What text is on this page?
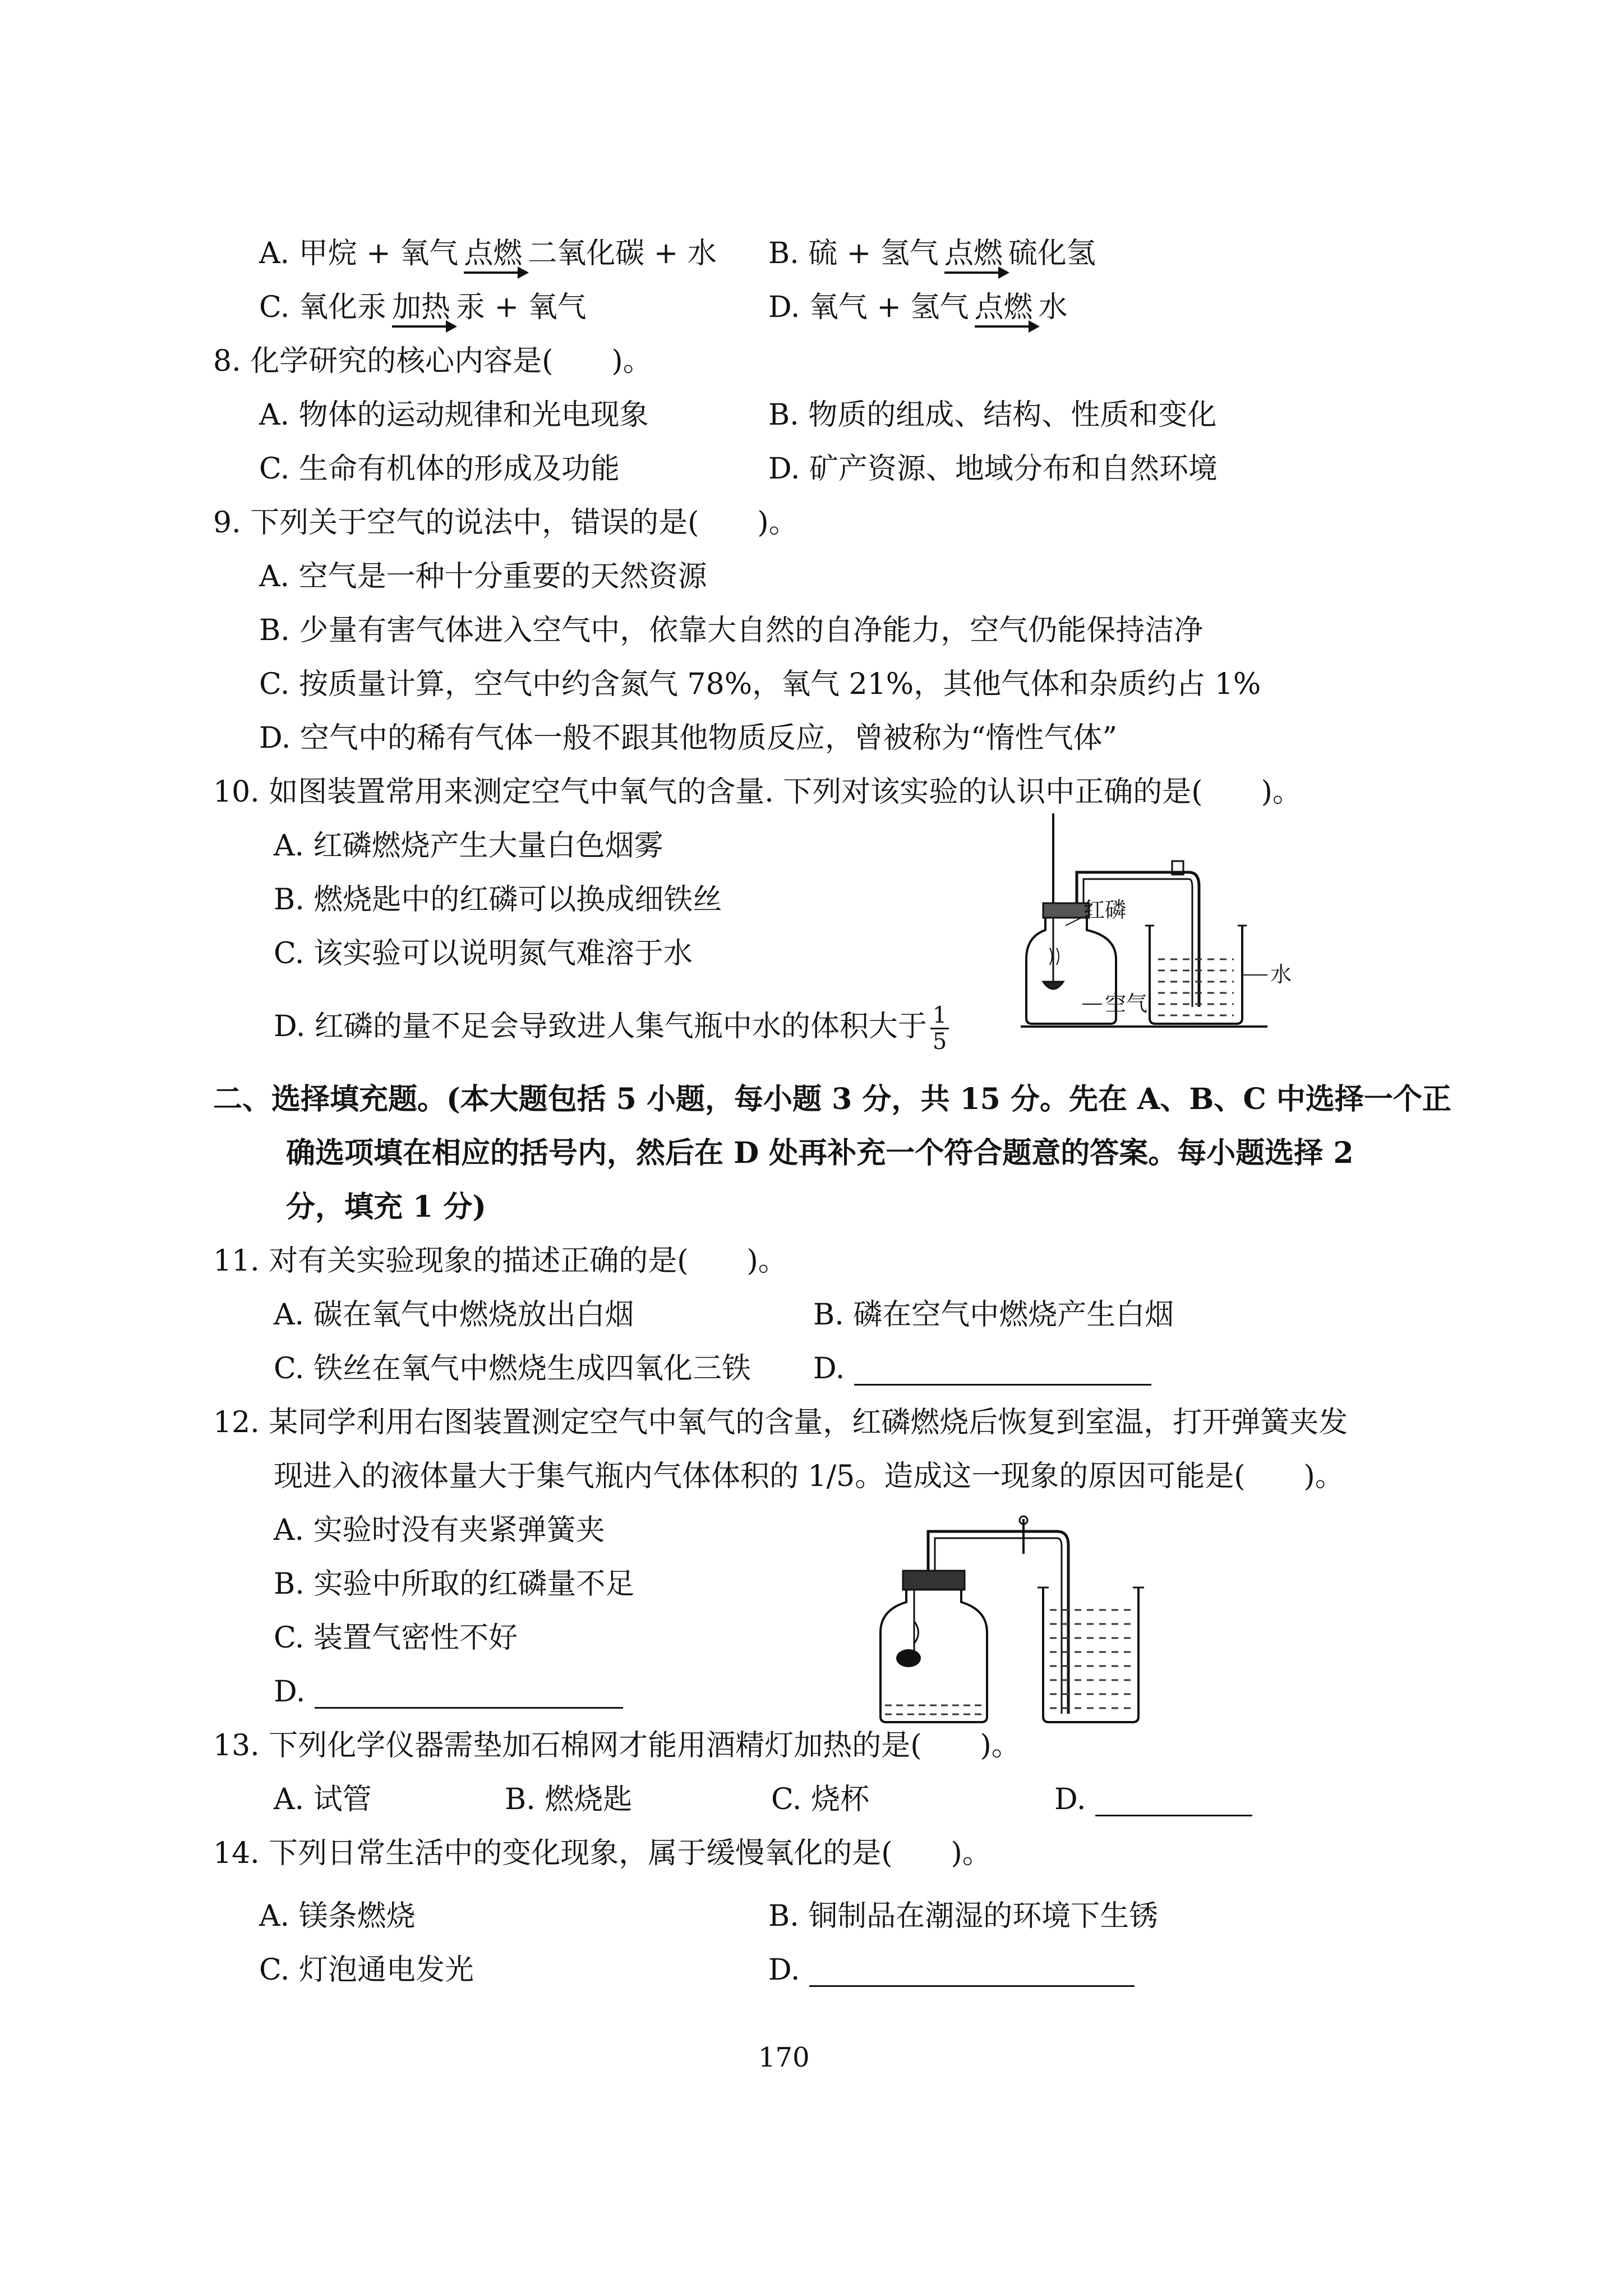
A. 甲烷 + 氧气 点燃 二氧化碳 + 水 B. 硫 + 氢气 点燃 硫化氢
C. 氧化汞 加热 汞 + 氧气	D. 氧气 + 氢气 点燃 水
8. 化学研究的核心内容是(　　)。
A. 物体的运动规律和光电现象	B. 物质的组成、结构、性质和变化
C. 生命有机体的形成及功能	D. 矿产资源、地域分布和自然环境
9. 下列关于空气的说法中，错误的是(　　)。
A. 空气是一种十分重要的天然资源
B. 少量有害气体进入空气中，依靠大自然的自净能力，空气仍能保持洁净
C. 按质量计算，空气中约含氮气 78%，氧气 21%，其他气体和杂质约占 1%
D. 空气中的稀有气体一般不跟其他物质反应，曾被称为“惰性气体”
10. 如图装置常用来测定空气中氧气的含量. 下列对该实验的认识中正确的是(　　)。
A. 红磷燃烧产生大量白色烟雾
B. 燃烧匙中的红磷可以换成细铁丝
C. 该实验可以说明氮气难溶于水
D. 红磷的量不足会导致进人集气瓶中水的体积大于 $\frac{1}{5}$
红磷
空气
水
二、选择填充题。(本大题包括 5 小题，每小题 3 分，共 15 分。先在 A、B、C 中选择一个正
确选项填在相应的括号内，然后在 D 处再补充一个符合题意的答案。每小题选择 2
分，填充 1 分)
11. 对有关实验现象的描述正确的是(　　)。
A. 碳在氧气中燃烧放出白烟	B. 磷在空气中燃烧产生白烟
C. 铁丝在氧气中燃烧生成四氧化三铁 D.
12. 某同学利用右图装置测定空气中氧气的含量，红磷燃烧后恢复到室温，打开弹簧夹发
现进入的液体量大于集气瓶内气体体积的 1/5。造成这一现象的原因可能是(　　)。
A. 实验时没有夹紧弹簧夹
B. 实验中所取的红磷量不足
C. 装置气密性不好
D.
13. 下列化学仪器需垫加石棉网才能用酒精灯加热的是(　　)。
A. 试管	B. 燃烧匙	C. 烧杯	D.
14. 下列日常生活中的变化现象，属于缓慢氧化的是(　　)。
A. 镁条燃烧	B. 铜制品在潮湿的环境下生锈
C. 灯泡通电发光	D.
170
